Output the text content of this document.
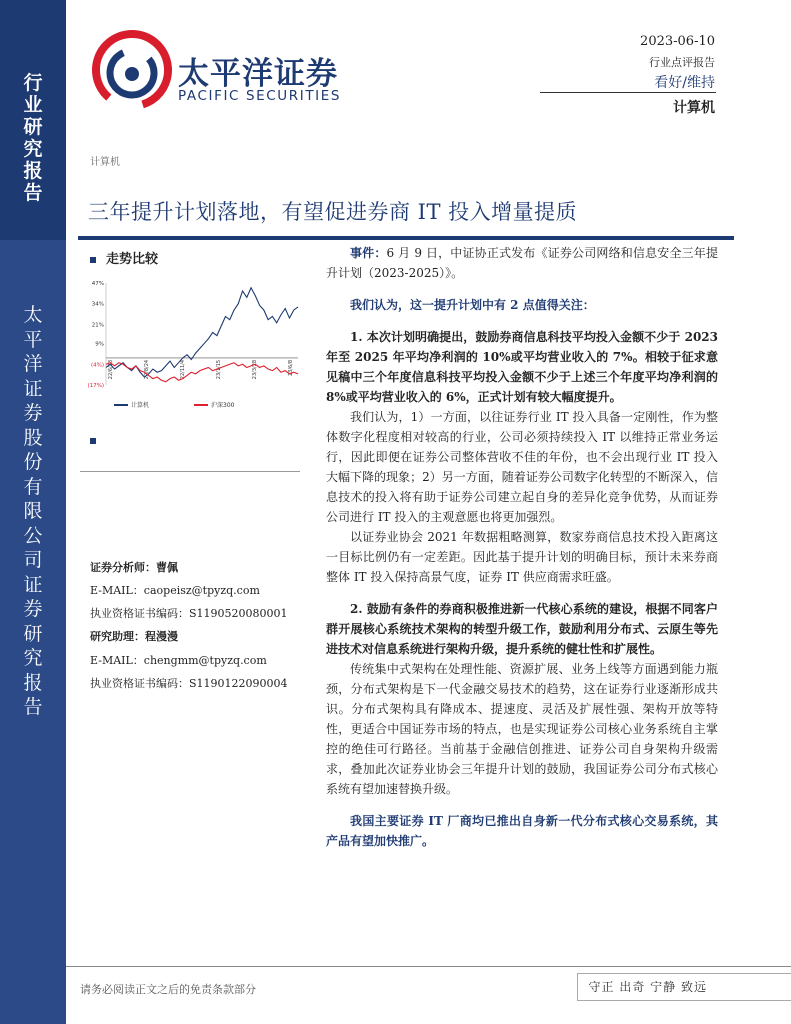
行
业
研
究
报
告
太
平
洋
证
券
股
份
有
限
公
司
证
券
研
究
报
告
太平洋证券
PACIFIC SECURITIES
2023-06-10
行业点评报告
看好/维持
计算机
计算机
三年提升计划落地，有望促进券商 IT 投入增量提质
走势比较
47%
34%
21%
9%
(4%)
(17%)
22/6/13	22/8/24	22/11/4	23/1/15	23/3/28	23/6/8
计算机	沪深300
证券分析师：曹佩
E-MAIL：caopeisz@tpyzq.com
执业资格证书编码：S1190520080001
研究助理：程漫漫
E-MAIL：chengmm@tpyzq.com
执业资格证书编码：S1190122090004

事件：6 月 9 日，中证协正式发布《证券公司网络和信息安全三年提升计划（2023-2025）》。

我们认为，这一提升计划中有 2 点值得关注：

1. 本次计划明确提出，鼓励券商信息科技平均投入金额不少于 2023 年至 2025 年平均净利润的 10%或平均营业收入的 7%。相较于征求意见稿中三个年度信息科技平均投入金额不少于上述三个年度平均净利润的 8%或平均营业收入的 6%，正式计划有较大幅度提升。

我们认为，1）一方面，以往证券行业 IT 投入具备一定刚性，作为整体数字化程度相对较高的行业，公司必须持续投入 IT 以维持正常业务运行，因此即便在证券公司整体营收不佳的年份，也不会出现行业 IT 投入大幅下降的现象；2）另一方面，随着证券公司数字化转型的不断深入，信息技术的投入将有助于证券公司建立起自身的差异化竞争优势，从而证券公司进行 IT 投入的主观意愿也将更加强烈。

以证券业协会 2021 年数据粗略测算，数家券商信息技术投入距离这一目标比例仍有一定差距。因此基于提升计划的明确目标，预计未来券商整体 IT 投入保持高景气度，证券 IT 供应商需求旺盛。

2. 鼓励有条件的券商积极推进新一代核心系统的建设，根据不同客户群开展核心系统技术架构的转型升级工作，鼓励利用分布式、云原生等先进技术对信息系统进行架构升级，提升系统的健壮性和扩展性。

传统集中式架构在处理性能、资源扩展、业务上线等方面遇到能力瓶颈，分布式架构是下一代金融交易技术的趋势，这在证券行业逐渐形成共识。分布式架构具有降成本、提速度、灵活及扩展性强、架构开放等特性，更适合中国证券市场的特点，也是实现证券公司核心业务系统自主掌控的绝佳可行路径。当前基于金融信创推进、证券公司自身架构升级需求，叠加此次证券业协会三年提升计划的鼓励，我国证券公司分布式核心系统有望加速替换升级。

我国主要证券 IT 厂商均已推出自身新一代分布式核心交易系统，其产品有望加快推广。

请务必阅读正文之后的免责条款部分	守正 出奇 宁静 致远
